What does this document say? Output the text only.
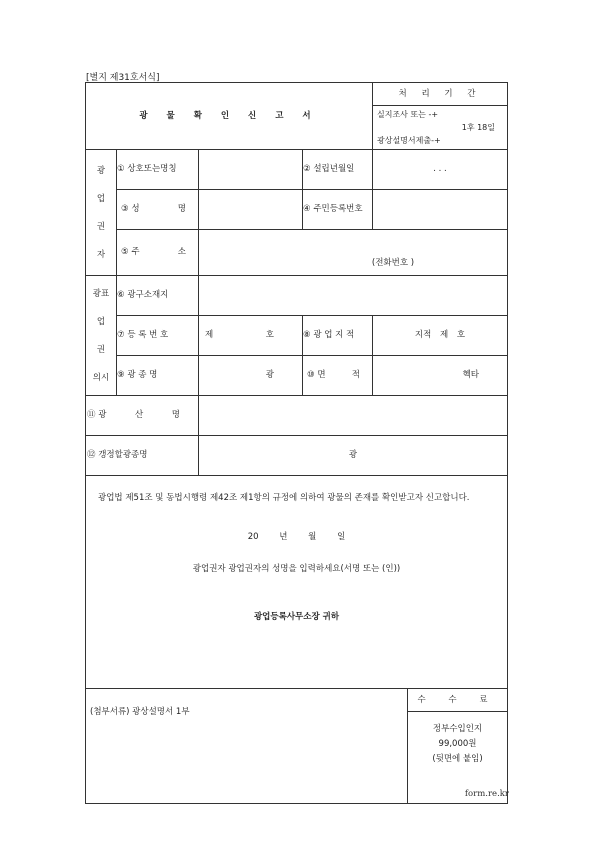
[별지 제31호서식]
광 물 확 인 신 고 서				처 리 기 간
실지조사 또는 -+
1후 18일
광상설명서제출-+	

광
업
권
자	① 상호또는명칭		② 설립년월일	. . .	

	③ 성 명		④ 주민등록번호		

	⑤ 주 소	(전화번호 )			

광표
업
권
의시	⑥ 광구소재지				
	⑦ 등 록 번 호	제 호	⑧ 광 업 지 적	지적 제 호	
	⑨ 광 종 명	광	⑩ 면 적	헥타	

⑪ 광 산 명					

⑫ 갱정할광종명		광			

광업법 제51조 및 동법시행령 제42조 제1항의 규정에 의하여 광물의 존재를 확인받고자 신고합니다.
20 년 월 일
광업권자 광업권자의 성명을 입력하세요(서명 또는 (인))
광업등록사무소장 귀하					

(첨부서류) 광상설명서 1부					수 수 료
정부수입인지
99,000원
(뒷면에 붙임)
form.re.kr
